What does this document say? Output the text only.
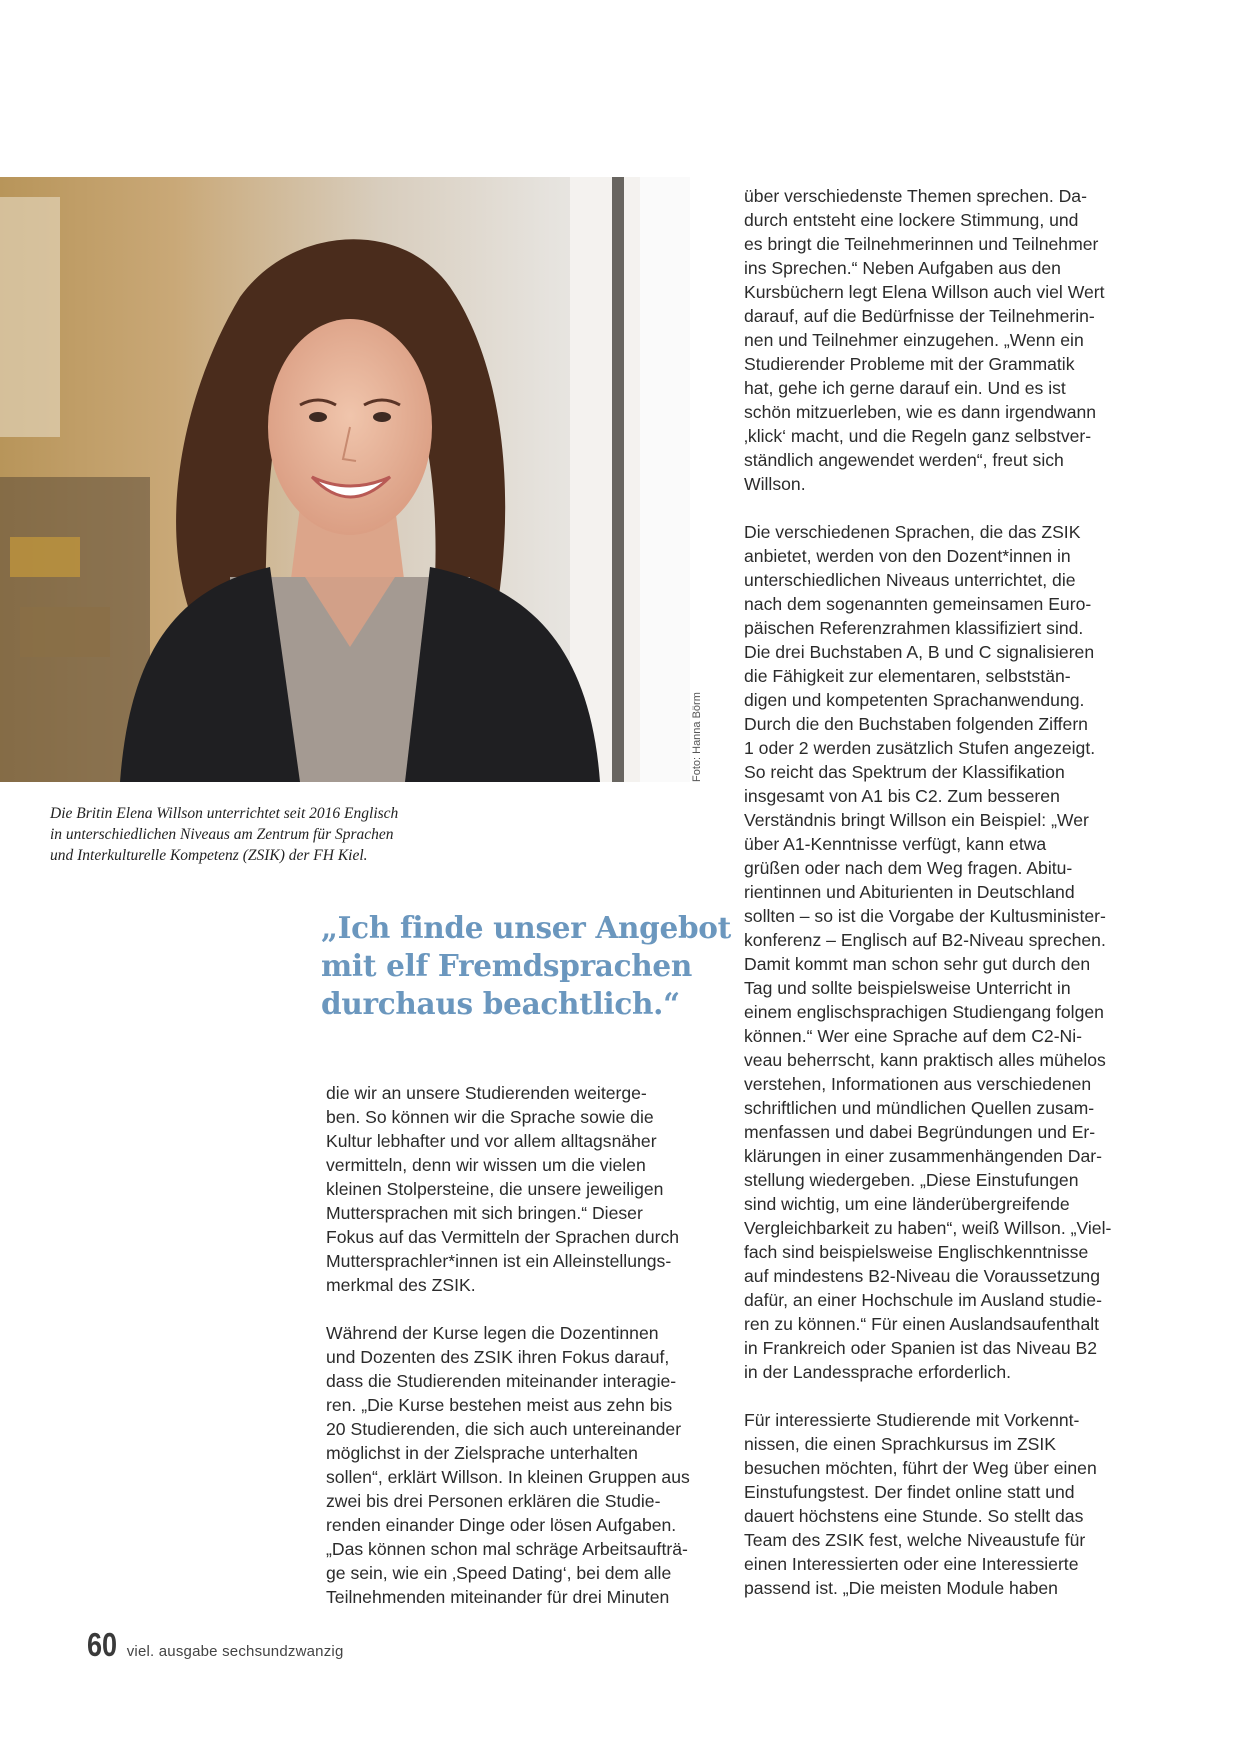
Foto: Hanna Börm
Die Britin Elena Willson unterrichtet seit 2016 Englisch
in unterschiedlichen Niveaus am Zentrum für Sprachen
und Interkulturelle Kompetenz (ZSIK) der FH Kiel.
„Ich finde unser Angebot
mit elf Fremdsprachen
durchaus beachtlich.“
die wir an unsere Studierenden weiterge-
ben. So können wir die Sprache sowie die
Kultur lebhafter und vor allem alltagsnäher
vermitteln, denn wir wissen um die vielen
kleinen Stolpersteine, die unsere jeweiligen
Muttersprachen mit sich bringen.“ Dieser
Fokus auf das Vermitteln der Sprachen durch
Muttersprachler*innen ist ein Alleinstellungs-
merkmal des ZSIK.
Während der Kurse legen die Dozentinnen
und Dozenten des ZSIK ihren Fokus darauf,
dass die Studierenden miteinander interagie-
ren. „Die Kurse bestehen meist aus zehn bis
20 Studierenden, die sich auch untereinander
möglichst in der Zielsprache unterhalten
sollen“, erklärt Willson. In kleinen Gruppen aus
zwei bis drei Personen erklären die Studie-
renden einander Dinge oder lösen Aufgaben.
„Das können schon mal schräge Arbeitsaufträ-
ge sein, wie ein ‚Speed Dating‘, bei dem alle
Teilnehmenden miteinander für drei Minuten
über verschiedenste Themen sprechen. Da-
durch entsteht eine lockere Stimmung, und
es bringt die Teilnehmerinnen und Teilnehmer
ins Sprechen.“ Neben Aufgaben aus den
Kursbüchern legt Elena Willson auch viel Wert
darauf, auf die Bedürfnisse der Teilnehmerin-
nen und Teilnehmer einzugehen. „Wenn ein
Studierender Probleme mit der Grammatik
hat, gehe ich gerne darauf ein. Und es ist
schön mitzuerleben, wie es dann irgendwann
‚klick‘ macht, und die Regeln ganz selbstver-
ständlich angewendet werden“, freut sich
Willson.
Die verschiedenen Sprachen, die das ZSIK
anbietet, werden von den Dozent*innen in
unterschiedlichen Niveaus unterrichtet, die
nach dem sogenannten gemeinsamen Euro-
päischen Referenzrahmen klassifiziert sind.
Die drei Buchstaben A, B und C signalisieren
die Fähigkeit zur elementaren, selbststän-
digen und kompetenten Sprachanwendung.
Durch die den Buchstaben folgenden Ziffern
1 oder 2 werden zusätzlich Stufen angezeigt.
So reicht das Spektrum der Klassifikation
insgesamt von A1 bis C2. Zum besseren
Verständnis bringt Willson ein Beispiel: „Wer
über A1-Kenntnisse verfügt, kann etwa
grüßen oder nach dem Weg fragen. Abitu-
rientinnen und Abiturienten in Deutschland
sollten – so ist die Vorgabe der Kultusminister-
konferenz – Englisch auf B2-Niveau sprechen.
Damit kommt man schon sehr gut durch den
Tag und sollte beispielsweise Unterricht in
einem englischsprachigen Studiengang folgen
können.“ Wer eine Sprache auf dem C2-Ni-
veau beherrscht, kann praktisch alles mühelos
verstehen, Informationen aus verschiedenen
schriftlichen und mündlichen Quellen zusam-
menfassen und dabei Begründungen und Er-
klärungen in einer zusammenhängenden Dar-
stellung wiedergeben. „Diese Einstufungen
sind wichtig, um eine länderübergreifende
Vergleichbarkeit zu haben“, weiß Willson. „Viel-
fach sind beispielsweise Englischkenntnisse
auf mindestens B2-Niveau die Voraussetzung
dafür, an einer Hochschule im Ausland studie-
ren zu können.“ Für einen Auslandsaufenthalt
in Frankreich oder Spanien ist das Niveau B2
in der Landessprache erforderlich.
Für interessierte Studierende mit Vorkennt-
nissen, die einen Sprachkursus im ZSIK
besuchen möchten, führt der Weg über einen
Einstufungstest. Der findet online statt und
dauert höchstens eine Stunde. So stellt das
Team des ZSIK fest, welche Niveaustufe für
einen Interessierten oder eine Interessierte
passend ist. „Die meisten Module haben
60 viel. ausgabe sechsundzwanzig
